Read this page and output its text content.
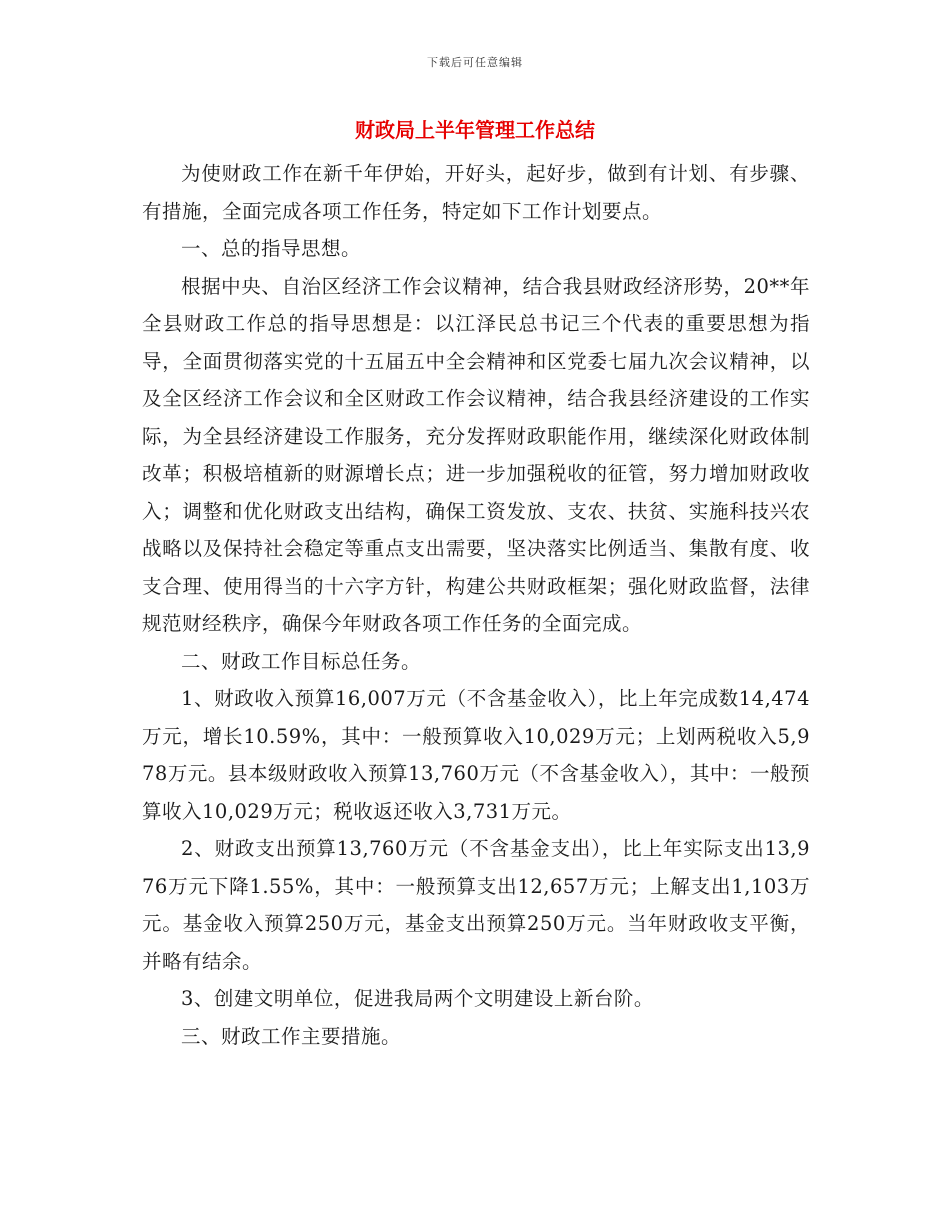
下载后可任意编辑
财政局上半年管理工作总结

为使财政工作在新千年伊始，开好头，起好步，做到有计划、有步骤、有措施，全面完成各项工作任务，特定如下工作计划要点。

一、总的指导思想。

根据中央、自治区经济工作会议精神，结合我县财政经济形势，20**年全县财政工作总的指导思想是：以江泽民总书记三个代表的重要思想为指导，全面贯彻落实党的十五届五中全会精神和区党委七届九次会议精神，以及全区经济工作会议和全区财政工作会议精神，结合我县经济建设的工作实际，为全县经济建设工作服务，充分发挥财政职能作用，继续深化财政体制改革；积极培植新的财源增长点；进一步加强税收的征管，努力增加财政收入；调整和优化财政支出结构，确保工资发放、支农、扶贫、实施科技兴农战略以及保持社会稳定等重点支出需要，坚决落实比例适当、集散有度、收支合理、使用得当的十六字方针，构建公共财政框架；强化财政监督，法律规范财经秩序，确保今年财政各项工作任务的全面完成。

二、财政工作目标总任务。

1、财政收入预算16,007万元（不含基金收入），比上年完成数14,474万元，增长10.59%，其中：一般预算收入10,029万元；上划两税收入5,978万元。县本级财政收入预算13,760万元（不含基金收入），其中：一般预算收入10,029万元；税收返还收入3,731万元。

2、财政支出预算13,760万元（不含基金支出），比上年实际支出13,976万元下降1.55%，其中：一般预算支出12,657万元；上解支出1,103万元。基金收入预算250万元，基金支出预算250万元。当年财政收支平衡，并略有结余。

3、创建文明单位，促进我局两个文明建设上新台阶。

三、财政工作主要措施。
